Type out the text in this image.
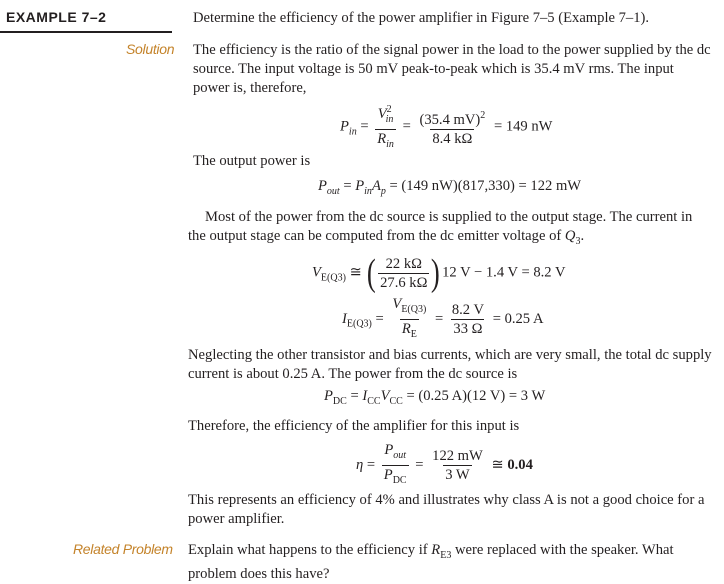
EXAMPLE 7–2	Determine the efficiency of the power amplifier in Figure 7–5 (Example 7–1).
Solution The efficiency is the ratio of the signal power in the load to the power supplied by the dc source. The input voltage is 50 mV peak-to-peak which is 35.4 mV rms. The input power is, therefore,
$P_{in} = \frac{V^2_{in}}{R_{in}} = \frac{(35.4 mV)^2}{8.4 k\Omega} = 149$ nW
The output power is
$P_{out} = P_{in}A_p = (149$ nW)(817,330) = 122 mW
Most of the power from the dc source is supplied to the output stage. The current in the output stage can be computed from the dc emitter voltage of $Q_3$.
$V_{E(Q3)}$ ≅ ( $\frac{22 k\Omega}{27.6 k\Omega}$ ) 12 V − 1.4 V = 8.2 V
$I_{E(Q3)} = \frac{V_{E(Q3)}}{R_E} = \frac{8.2 V}{33 \Omega} = 0.25$ A
Neglecting the other transistor and bias currents, which are very small, the total dc supply current is about 0.25 A. The power from the dc source is
$P_{DC} = I_{CC}V_{CC} = (0.25$ A)(12 V) = 3 W
Therefore, the efficiency of the amplifier for this input is
$\eta = \frac{P_{out}}{P_{DC}} = \frac{122 mW}{3 W}$ ≅ 0.04
This represents an efficiency of 4% and illustrates why class A is not a good choice for a power amplifier.
Related Problem Explain what happens to the efficiency if $R_{E3}$ were replaced with the speaker. What problem does this have?
